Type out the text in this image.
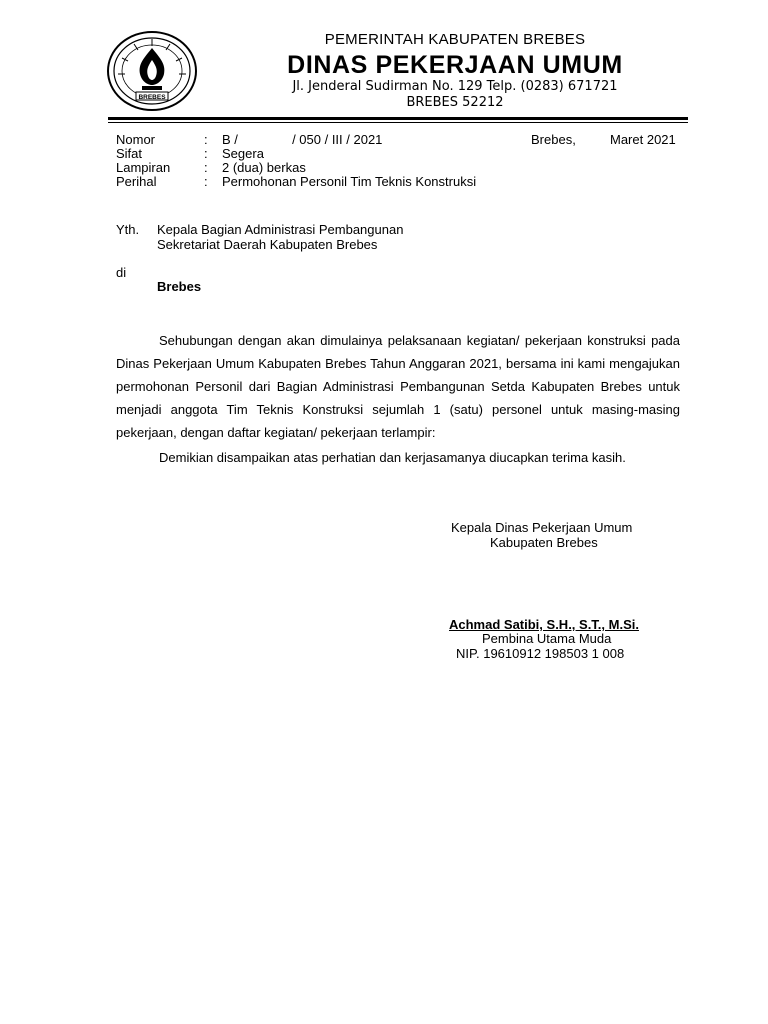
BREBES
PEMERINTAH KABUPATEN BREBES
DINAS PEKERJAAN UMUM
Jl. Jenderal Sudirman No. 129 Telp. (0283) 671721
BREBES 52212
Nomor	: B /               / 050 / III / 2021
Sifat	: Segera
Lampiran	: 2 (dua) berkas
Perihal	: Permohonan Personil Tim Teknis Konstruksi
Brebes,	Maret 2021
Yth. Kepala Bagian Administrasi Pembangunan
Sekretariat Daerah Kabupaten Brebes
di
Brebes

Sehubungan dengan akan dimulainya pelaksanaan kegiatan/ pekerjaan konstruksi pada Dinas Pekerjaan Umum Kabupaten Brebes Tahun Anggaran 2021, bersama ini kami mengajukan permohonan Personil dari Bagian Administrasi Pembangunan Setda Kabupaten Brebes untuk menjadi anggota Tim Teknis Konstruksi sejumlah 1 (satu) personel untuk masing-masing pekerjaan, dengan daftar kegiatan/ pekerjaan terlampir:

Demikian disampaikan atas perhatian dan kerjasamanya diucapkan terima kasih.
Kepala Dinas Pekerjaan Umum
Kabupaten Brebes
Achmad Satibi, S.H., S.T., M.Si.
Pembina Utama Muda
NIP. 19610912 198503 1 008
